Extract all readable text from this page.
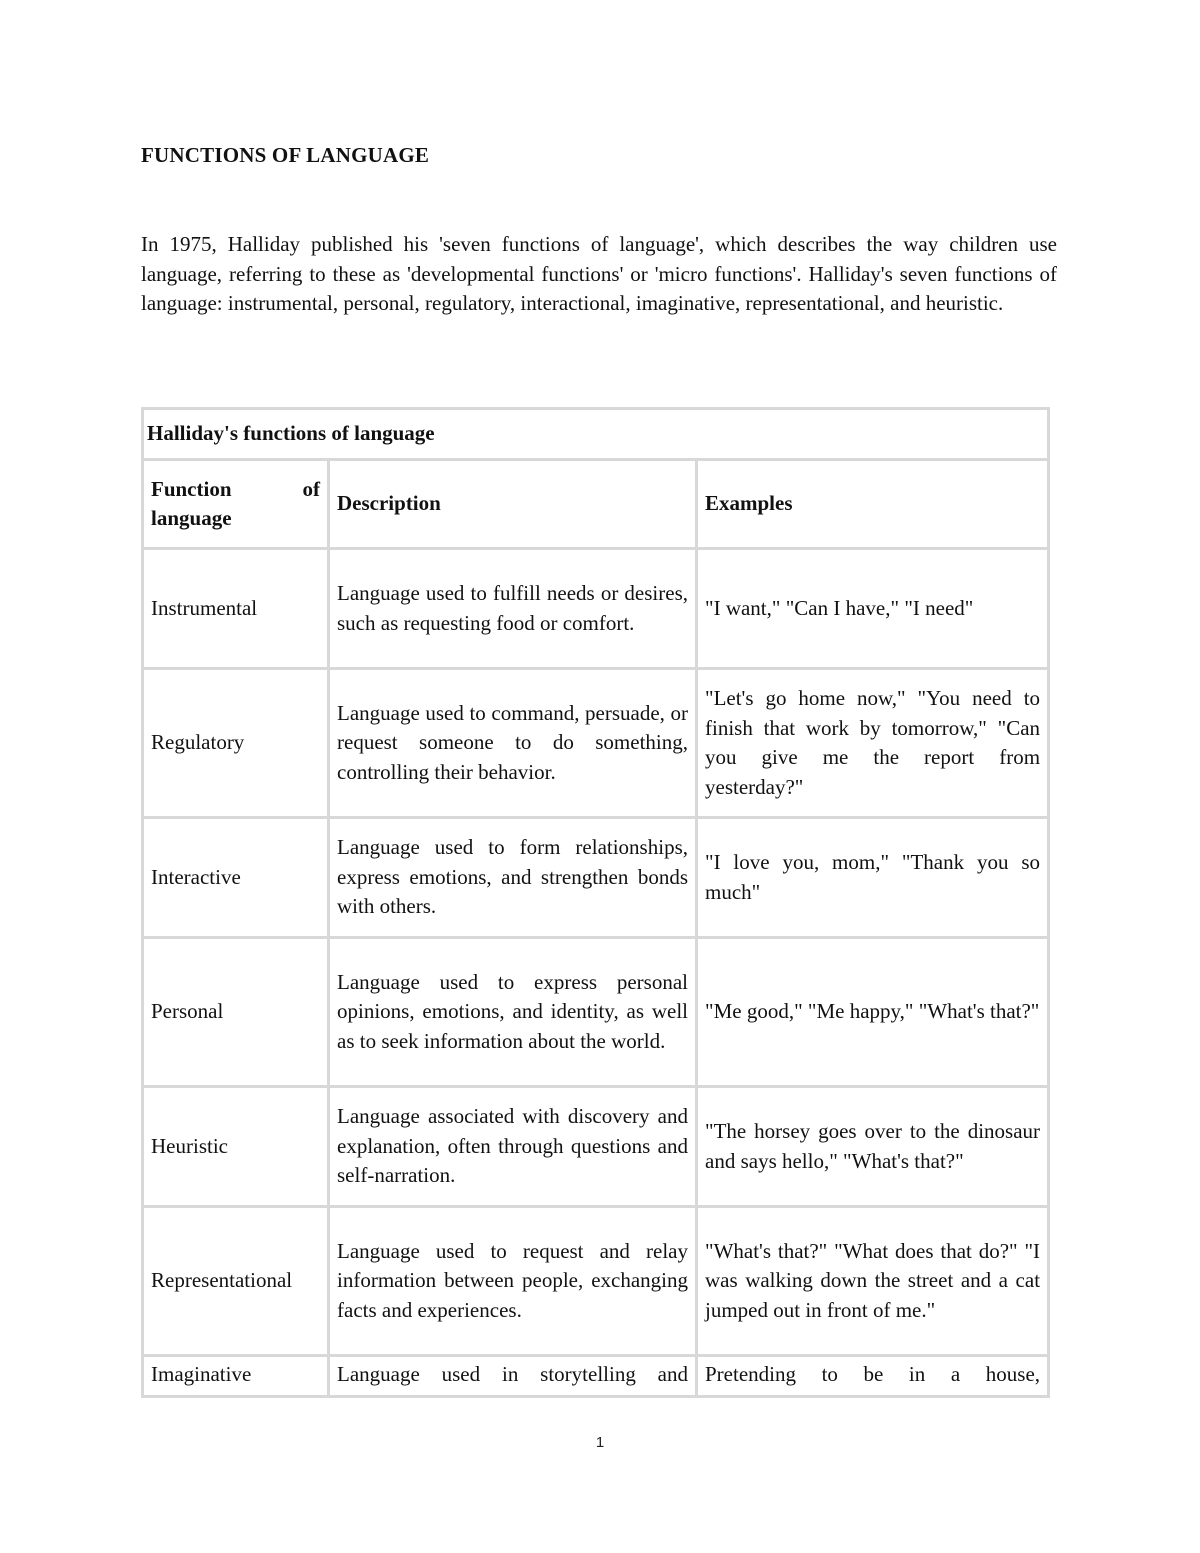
FUNCTIONS OF LANGUAGE

In 1975, Halliday published his 'seven functions of language', which describes the way children use language, referring to these as 'developmental functions' or 'micro functions'. Halliday's seven functions of language: instrumental, personal, regulatory, interactional, imaginative, representational, and heuristic.

Halliday's functions of language		
Function of language	Description	Examples
Instrumental	Language used to fulfill needs or desires, such as requesting food or comfort.	"I want," "Can I have," "I need"
Regulatory	Language used to command, persuade, or request someone to do something, controlling their behavior.	"Let's go home now," "You need to finish that work by tomorrow," "Can you give me the report from yesterday?"
Interactive	Language used to form relationships, express emotions, and strengthen bonds with others.	"I love you, mom," "Thank you so much"
Personal	Language used to express personal opinions, emotions, and identity, as well as to seek information about the world.	"Me good," "Me happy," "What's that?"
Heuristic	Language associated with discovery and explanation, often through questions and self-narration.	"The horsey goes over to the dinosaur and says hello," "What's that?"
Representational	Language used to request and relay information between people, exchanging facts and experiences.	"What's that?" "What does that do?" "I was walking down the street and a cat jumped out in front of me."

Imaginative	Language used in storytelling and	Pretending to be in a house,
1
